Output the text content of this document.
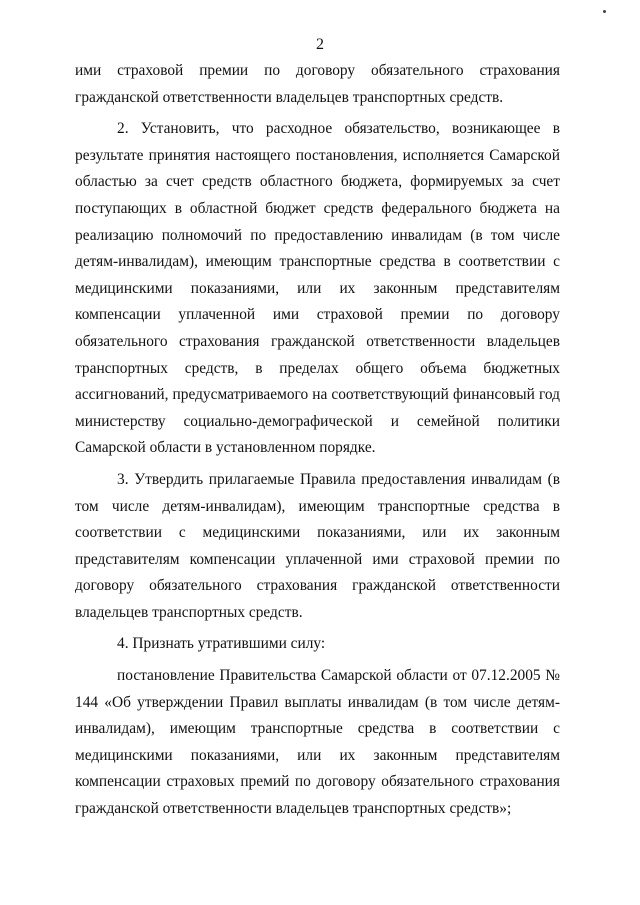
2

ими страховой премии по договору обязательного страхования гражданской ответственности владельцев транспортных средств.

2. Установить, что расходное обязательство, возникающее в результате принятия настоящего постановления, исполняется Самарской областью за счет средств областного бюджета, формируемых за счет поступающих в областной бюджет средств федерального бюджета на реализацию полномочий по предоставлению инвалидам (в том числе детям-инвалидам), имеющим транспортные средства в соответствии с медицинскими показаниями, или их законным представителям компенсации уплаченной ими страховой премии по договору обязательного страхования гражданской ответственности владельцев транспортных средств, в пределах общего объема бюджетных ассигнований, предусматриваемого на соответствующий финансовый год министерству социально-демографической и семейной политики Самарской области в установленном порядке.

3. Утвердить прилагаемые Правила предоставления инвалидам (в том числе детям-инвалидам), имеющим транспортные средства в соответствии с медицинскими показаниями, или их законным представителям компенсации уплаченной ими страховой премии по договору обязательного страхования гражданской ответственности владельцев транспортных средств.

4. Признать утратившими силу:

постановление Правительства Самарской области от 07.12.2005 № 144 «Об утверждении Правил выплаты инвалидам (в том числе детям-инвалидам), имеющим транспортные средства в соответствии с медицинскими показаниями, или их законным представителям компенсации страховых премий по договору обязательного страхования гражданской ответственности владельцев транспортных средств»;
